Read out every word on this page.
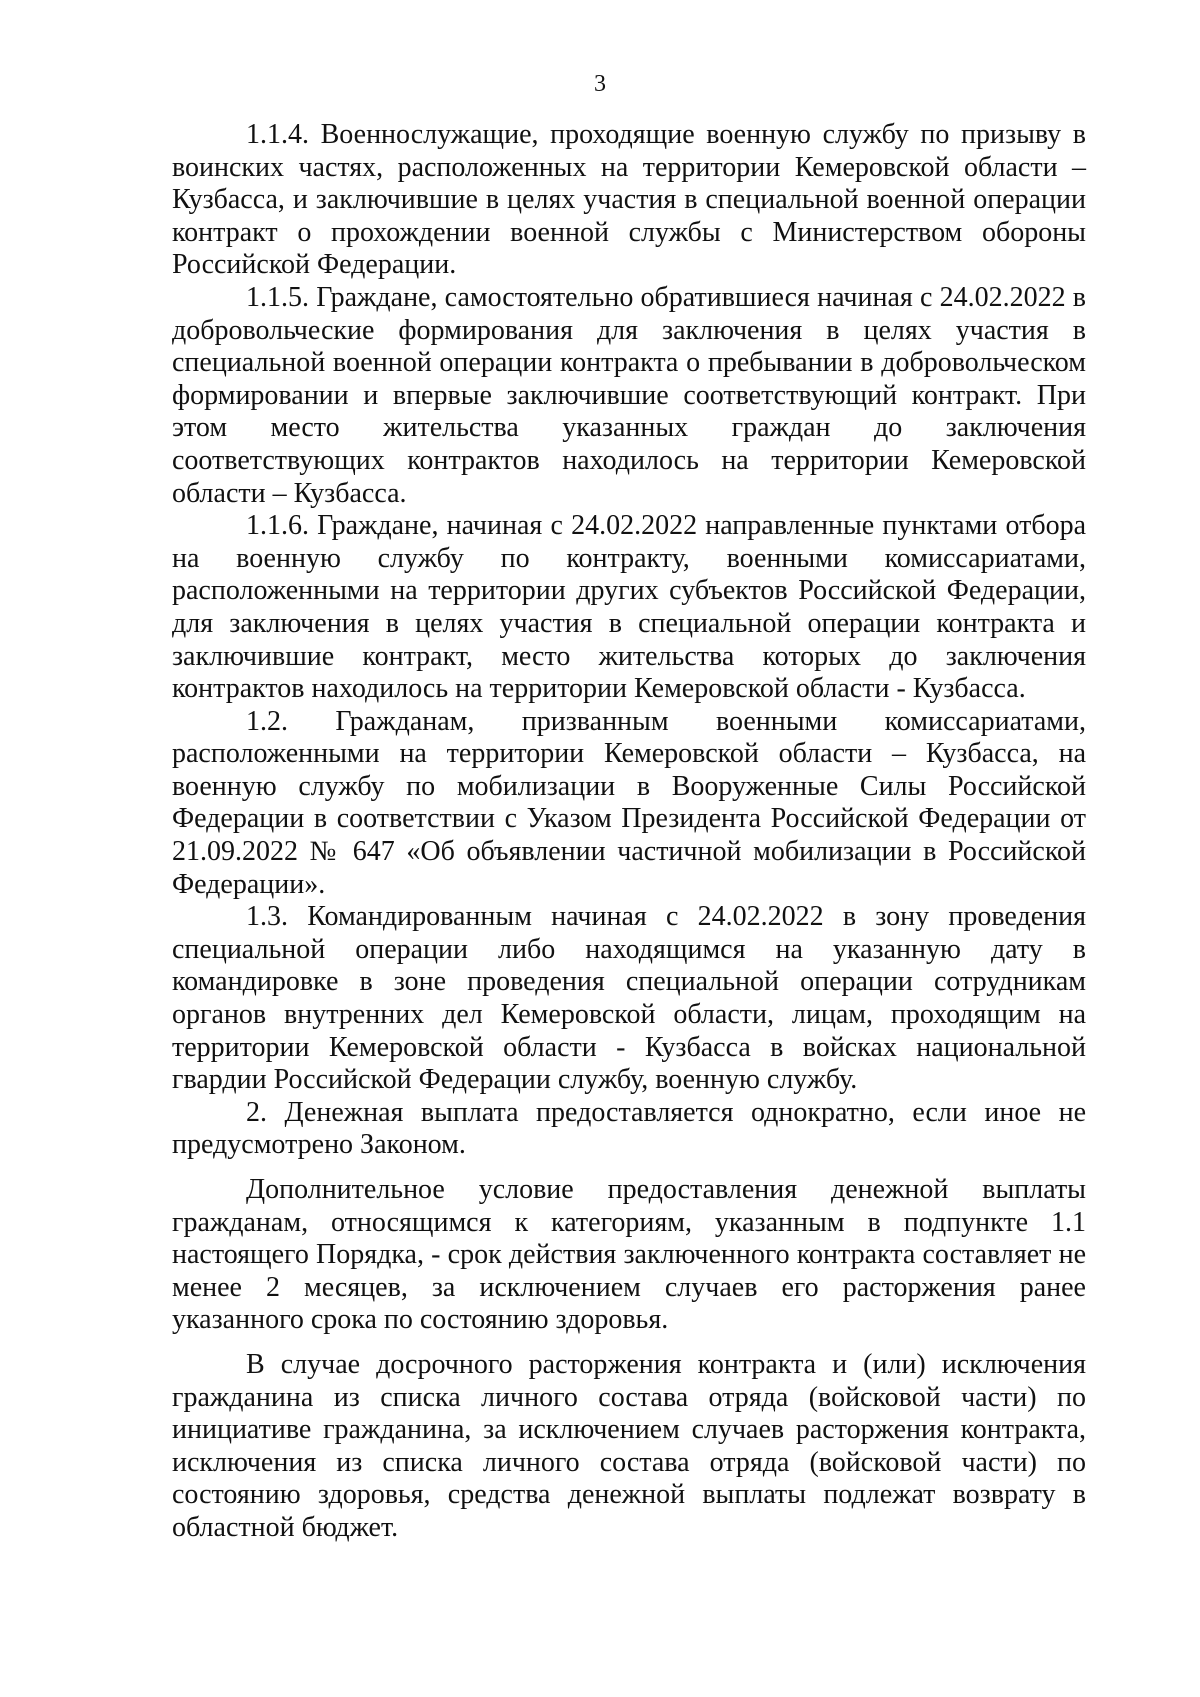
3

1.1.4. Военнослужащие, проходящие военную службу по призыву в воинских частях, расположенных на территории Кемеровской области – Кузбасса, и заключившие в целях участия в специальной военной операции контракт о прохождении военной службы с Министерством обороны Российской Федерации.

1.1.5. Граждане, самостоятельно обратившиеся начиная с 24.02.2022 в добровольческие формирования для заключения в целях участия в специальной военной операции контракта о пребывании в добровольческом формировании и впервые заключившие соответствующий контракт. При этом место жительства указанных граждан до заключения соответствующих контрактов находилось на территории Кемеровской области – Кузбасса.

1.1.6. Граждане, начиная с 24.02.2022 направленные пунктами отбора на военную службу по контракту, военными комиссариатами, расположенными на территории других субъектов Российской Федерации, для заключения в целях участия в специальной операции контракта и заключившие контракт, место жительства которых до заключения контрактов находилось на территории Кемеровской области - Кузбасса.

1.2. Гражданам, призванным военными комиссариатами, расположенными на территории Кемеровской области – Кузбасса, на военную службу по мобилизации в Вооруженные Силы Российской Федерации в соответствии с Указом Президента Российской Федерации от 21.09.2022 № 647 «Об объявлении частичной мобилизации в Российской Федерации».

1.3. Командированным начиная с 24.02.2022 в зону проведения специальной операции либо находящимся на указанную дату в командировке в зоне проведения специальной операции сотрудникам органов внутренних дел Кемеровской области, лицам, проходящим на территории Кемеровской области - Кузбасса в войсках национальной гвардии Российской Федерации службу, военную службу.

2. Денежная выплата предоставляется однократно, если иное не предусмотрено Законом.

Дополнительное условие предоставления денежной выплаты гражданам, относящимся к категориям, указанным в подпункте 1.1 настоящего Порядка, - срок действия заключенного контракта составляет не менее 2 месяцев, за исключением случаев его расторжения ранее указанного срока по состоянию здоровья.

В случае досрочного расторжения контракта и (или) исключения гражданина из списка личного состава отряда (войсковой части) по инициативе гражданина, за исключением случаев расторжения контракта, исключения из списка личного состава отряда (войсковой части) по состоянию здоровья, средства денежной выплаты подлежат возврату в областной бюджет.
